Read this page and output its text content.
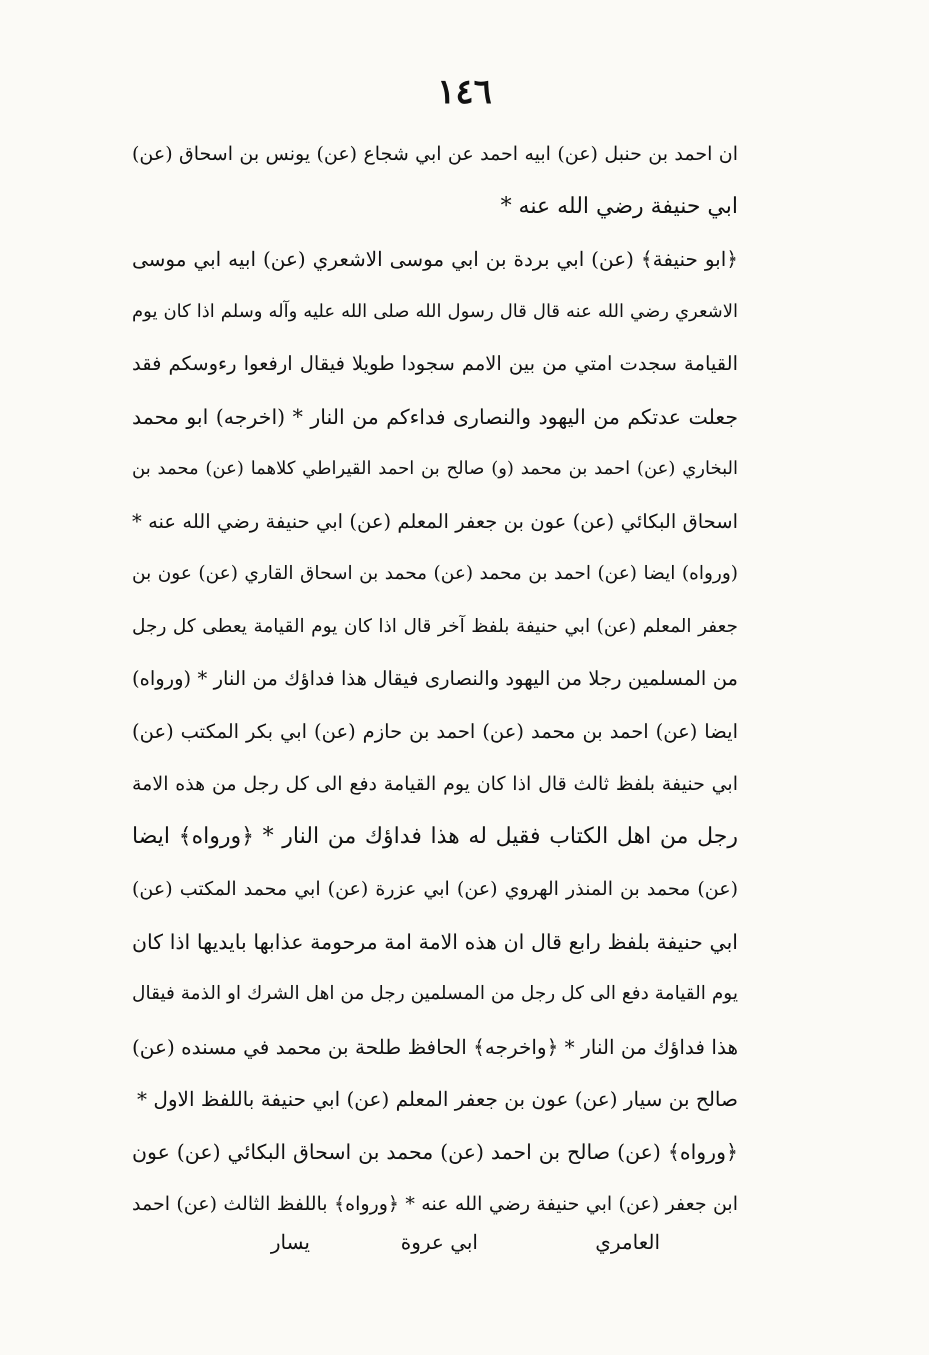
١٤٦
ان احمد بن حنبل (عن) ابيه احمد عن ابي شجاع (عن) يونس بن اسحاق (عن)
ابي حنيفة رضي الله عنه *
﴿ابو حنيفة﴾ (عن) ابي بردة بن ابي موسى الاشعري (عن) ابيه ابي موسى
الاشعري رضي الله عنه قال قال رسول الله صلى الله عليه وآله وسلم اذا كان يوم
القيامة سجدت امتي من بين الامم سجودا طويلا فيقال ارفعوا رءوسكم فقد
جعلت عدتكم من اليهود والنصارى فداءكم من النار * (اخرجه) ابو محمد
البخاري (عن) احمد بن محمد (و) صالح بن احمد القيراطي كلاهما (عن) محمد بن
اسحاق البكائي (عن) عون بن جعفر المعلم (عن) ابي حنيفة رضي الله عنه *
(ورواه) ايضا (عن) احمد بن محمد (عن) محمد بن اسحاق القاري (عن) عون بن
جعفر المعلم (عن) ابي حنيفة بلفظ آخر قال اذا كان يوم القيامة يعطى كل رجل
من المسلمين رجلا من اليهود والنصارى فيقال هذا فداؤك من النار * (ورواه)
ايضا (عن) احمد بن محمد (عن) احمد بن حازم (عن) ابي بكر المكتب (عن)
ابي حنيفة بلفظ ثالث قال اذا كان يوم القيامة دفع الى كل رجل من هذه الامة
رجل من اهل الكتاب فقيل له هذا فداؤك من النار * ﴿ورواه﴾ ايضا
(عن) محمد بن المنذر الهروي (عن) ابي عزرة (عن) ابي محمد المكتب (عن)
ابي حنيفة بلفظ رابع قال ان هذه الامة امة مرحومة عذابها بايديها اذا كان
يوم القيامة دفع الى كل رجل من المسلمين رجل من اهل الشرك او الذمة فيقال
هذا فداؤك من النار * ﴿واخرجه﴾ الحافظ طلحة بن محمد في مسنده (عن)
صالح بن سيار (عن) عون بن جعفر المعلم (عن) ابي حنيفة باللفظ الاول *
﴿ورواه﴾ (عن) صالح بن احمد (عن) محمد بن اسحاق البكائي (عن) عون
ابن جعفر (عن) ابي حنيفة رضي الله عنه * ﴿ورواه﴾ باللفظ الثالث (عن) احمد
العامري
ابي عروة
يسار
